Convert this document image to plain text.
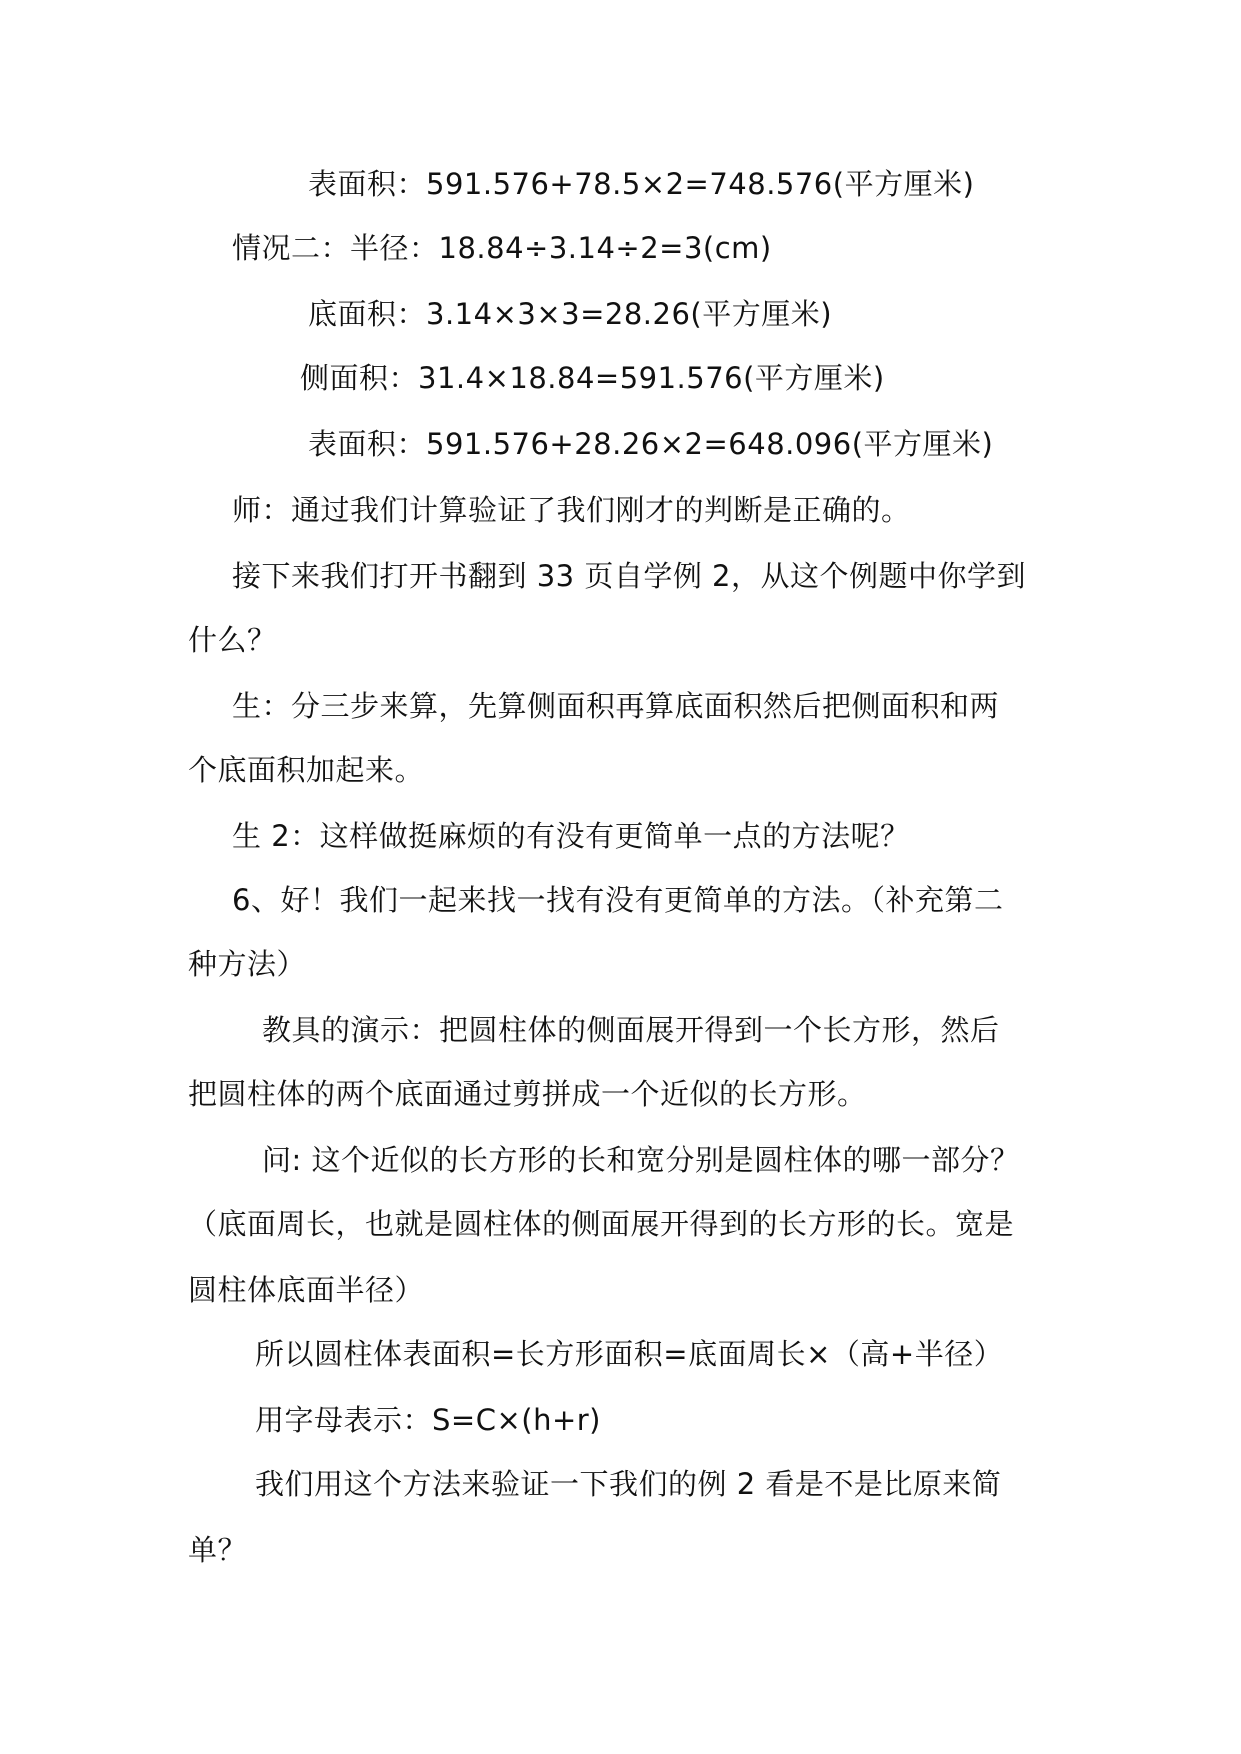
表面积：591.576+78.5×2=748.576(平方厘米)
情况二：半径：18.84÷3.14÷2=3(cm)
底面积：3.14×3×3=28.26(平方厘米)
侧面积：31.4×18.84=591.576(平方厘米)
表面积：591.576+28.26×2=648.096(平方厘米)
师：通过我们计算验证了我们刚才的判断是正确的。
接下来我们打开书翻到 33 页自学例 2，从这个例题中你学到
什么？
生：分三步来算，先算侧面积再算底面积然后把侧面积和两
个底面积加起来。
生 2：这样做挺麻烦的有没有更简单一点的方法呢？
6、好！我们一起来找一找有没有更简单的方法。（补充第二
种方法）
教具的演示：把圆柱体的侧面展开得到一个长方形，然后
把圆柱体的两个底面通过剪拼成一个近似的长方形。
问: 这个近似的长方形的长和宽分别是圆柱体的哪一部分？
（底面周长，也就是圆柱体的侧面展开得到的长方形的长。宽是
圆柱体底面半径）
所以圆柱体表面积=长方形面积=底面周长×（高+半径）
用字母表示：S=C×(h+r)
我们用这个方法来验证一下我们的例 2 看是不是比原来简
单？
